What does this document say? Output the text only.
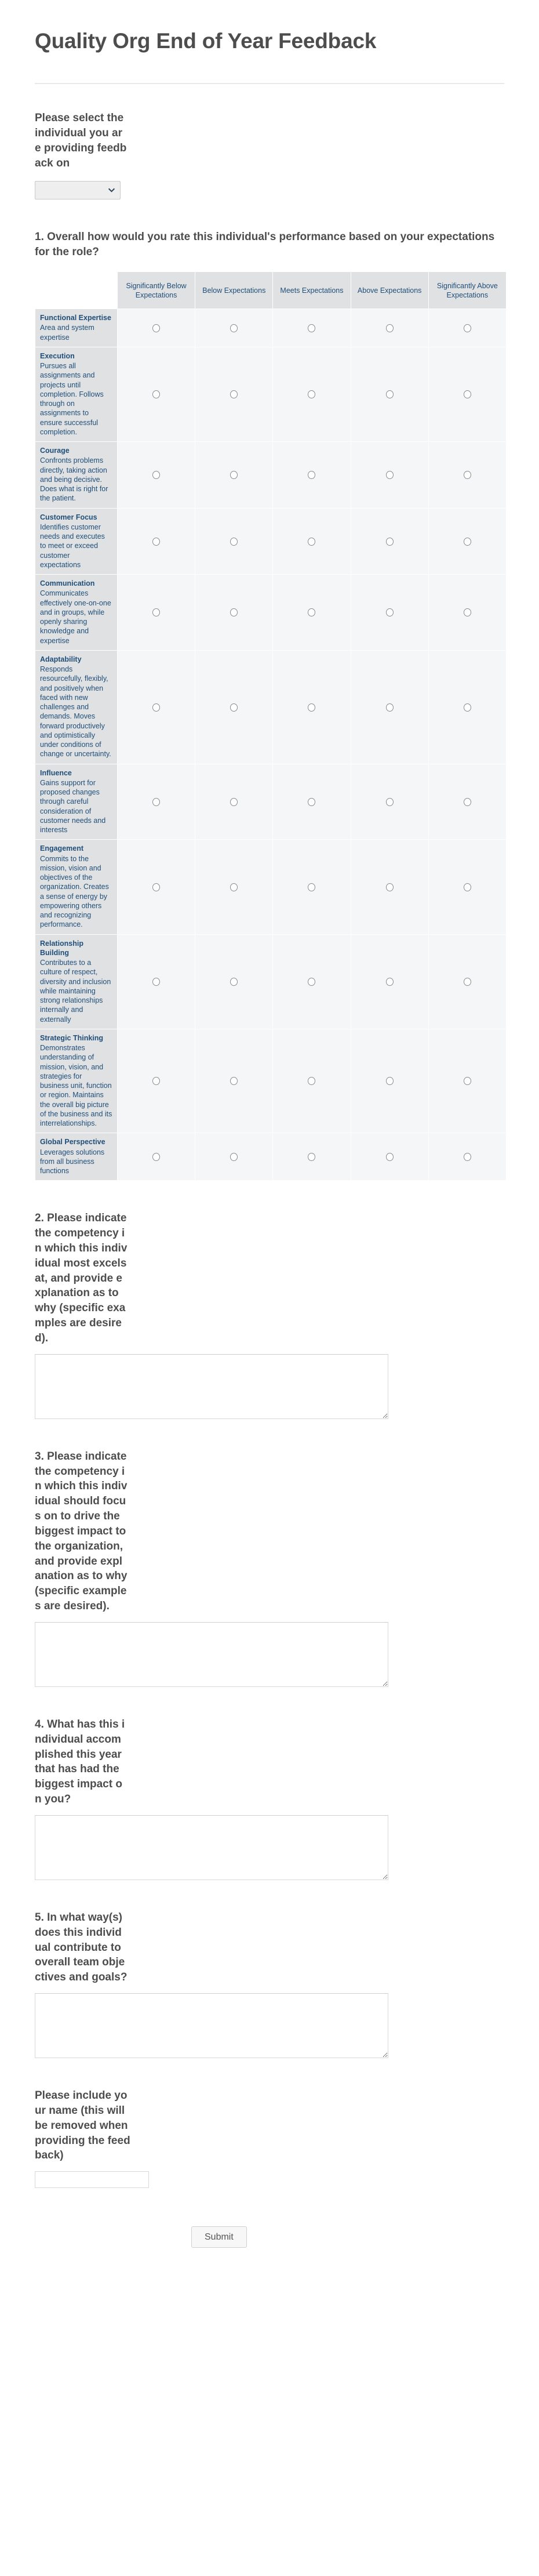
Quality Org End of Year Feedback
Please select the individual you are providing feedback on
1. Overall how would you rate this individual's performance based on your expectations for the role?
	Significantly Below Expectations	Below Expectations	Meets Expectations	Above Expectations	Significantly Above Expectations

Functional Expertise
Area and system expertise

Execution
Pursues all assignments and projects until completion. Follows through on assignments to ensure successful completion.

Courage
Confronts problems directly, taking action and being decisive. Does what is right for the patient.

Customer Focus
Identifies customer needs and executes to meet or exceed customer expectations

Communication
Communicates effectively one-on-one and in groups, while openly sharing knowledge and expertise

Adaptability
Responds resourcefully, flexibly, and positively when faced with new challenges and demands. Moves forward productively and optimistically under conditions of change or uncertainty.

Influence
Gains support for proposed changes through careful consideration of customer needs and interests

Engagement
Commits to the mission, vision and objectives of the organization. Creates a sense of energy by empowering others and recognizing performance.

Relationship Building
Contributes to a culture of respect, diversity and inclusion while maintaining strong relationships internally and externally

Strategic Thinking
Demonstrates understanding of mission, vision, and strategies for business unit, function or region. Maintains the overall big picture of the business and its interrelationships.

Global Perspective
Leverages solutions from all business functions

2. Please indicate the competency in which this individual most excels at, and provide explanation as to why (specific examples are desired).
3. Please indicate the competency in which this individual should focus on to drive the biggest impact to the organization, and provide explanation as to why (specific examples are desired).
4. What has this individual accomplished this year that has had the biggest impact on you?
5. In what way(s) does this individual contribute to overall team objectives and goals?
Please include your name (this will be removed when providing the feedback)
Submit
